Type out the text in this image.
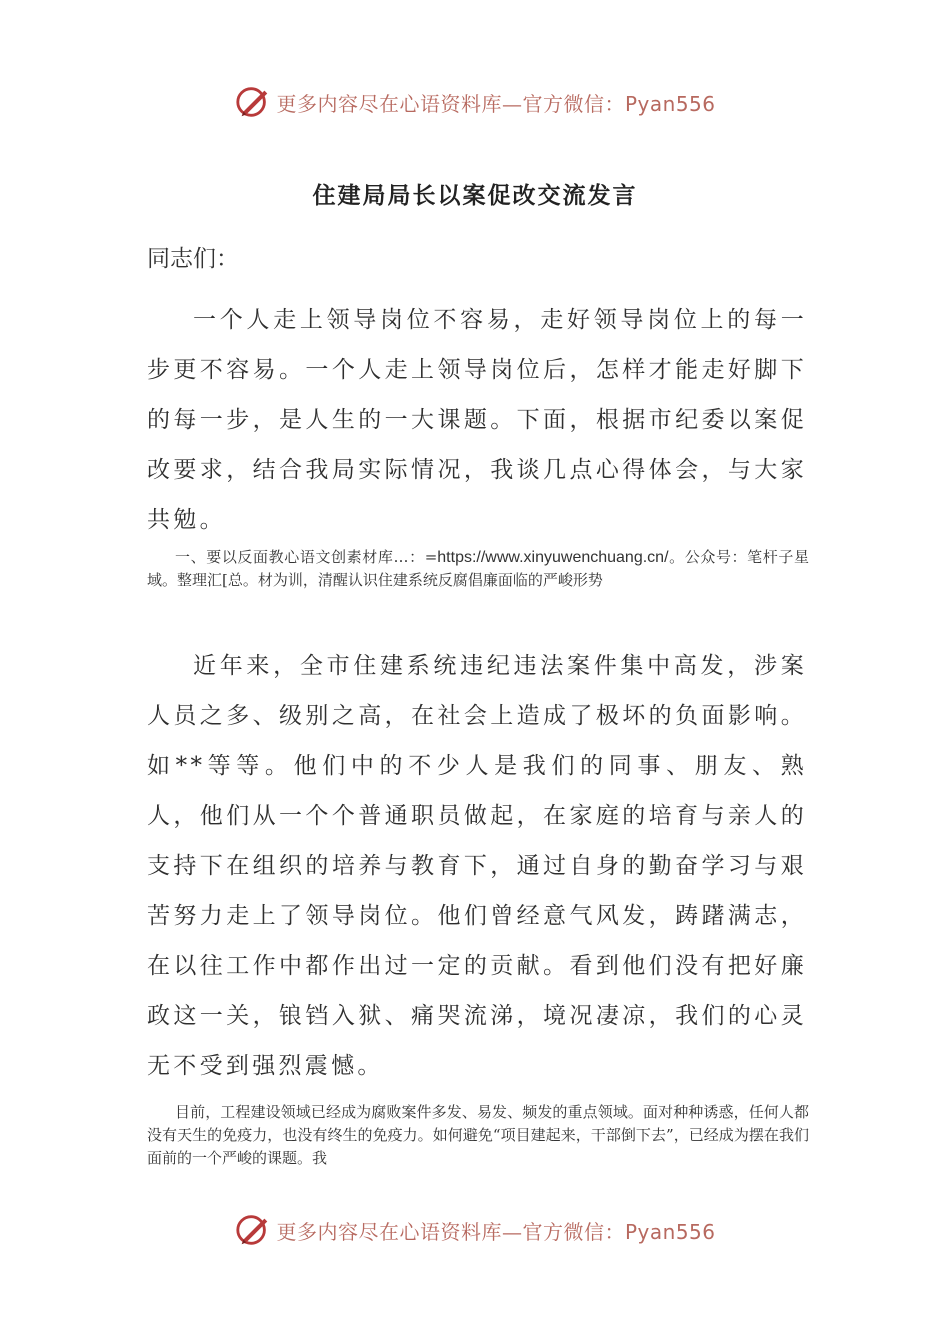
更多内容尽在心语资料库—官方微信：Pyan556
住建局局长以案促改交流发言
同志们：

一个人走上领导岗位不容易，走好领导岗位上的每一步更不容易。一个人走上领导岗位后，怎样才能走好脚下的每一步，是人生的一大课题。下面，根据市纪委以案促改要求，结合我局实际情况，我谈几点心得体会，与大家共勉。

一、要以反面教心语文创素材库…：=https://www.xinyuwenchuang.cn/。公众号：笔杆子星域。整理汇[总。材为训，清醒认识住建系统反腐倡廉面临的严峻形势

近年来，全市住建系统违纪违法案件集中高发，涉案人员之多、级别之高，在社会上造成了极坏的负面影响。如**等等。他们中的不少人是我们的同事、朋友、熟人，他们从一个个普通职员做起，在家庭的培育与亲人的支持下在组织的培养与教育下，通过自身的勤奋学习与艰苦努力走上了领导岗位。他们曾经意气风发，踌躇满志，在以往工作中都作出过一定的贡献。看到他们没有把好廉政这一关，锒铛入狱、痛哭流涕，境况凄凉，我们的心灵无不受到强烈震憾。

目前，工程建设领域已经成为腐败案件多发、易发、频发的重点领域。面对种种诱惑，任何人都没有天生的免疫力，也没有终生的免疫力。如何避免“项目建起来，干部倒下去”，已经成为摆在我们面前的一个严峻的课题。我

更多内容尽在心语资料库—官方微信：Pyan556
